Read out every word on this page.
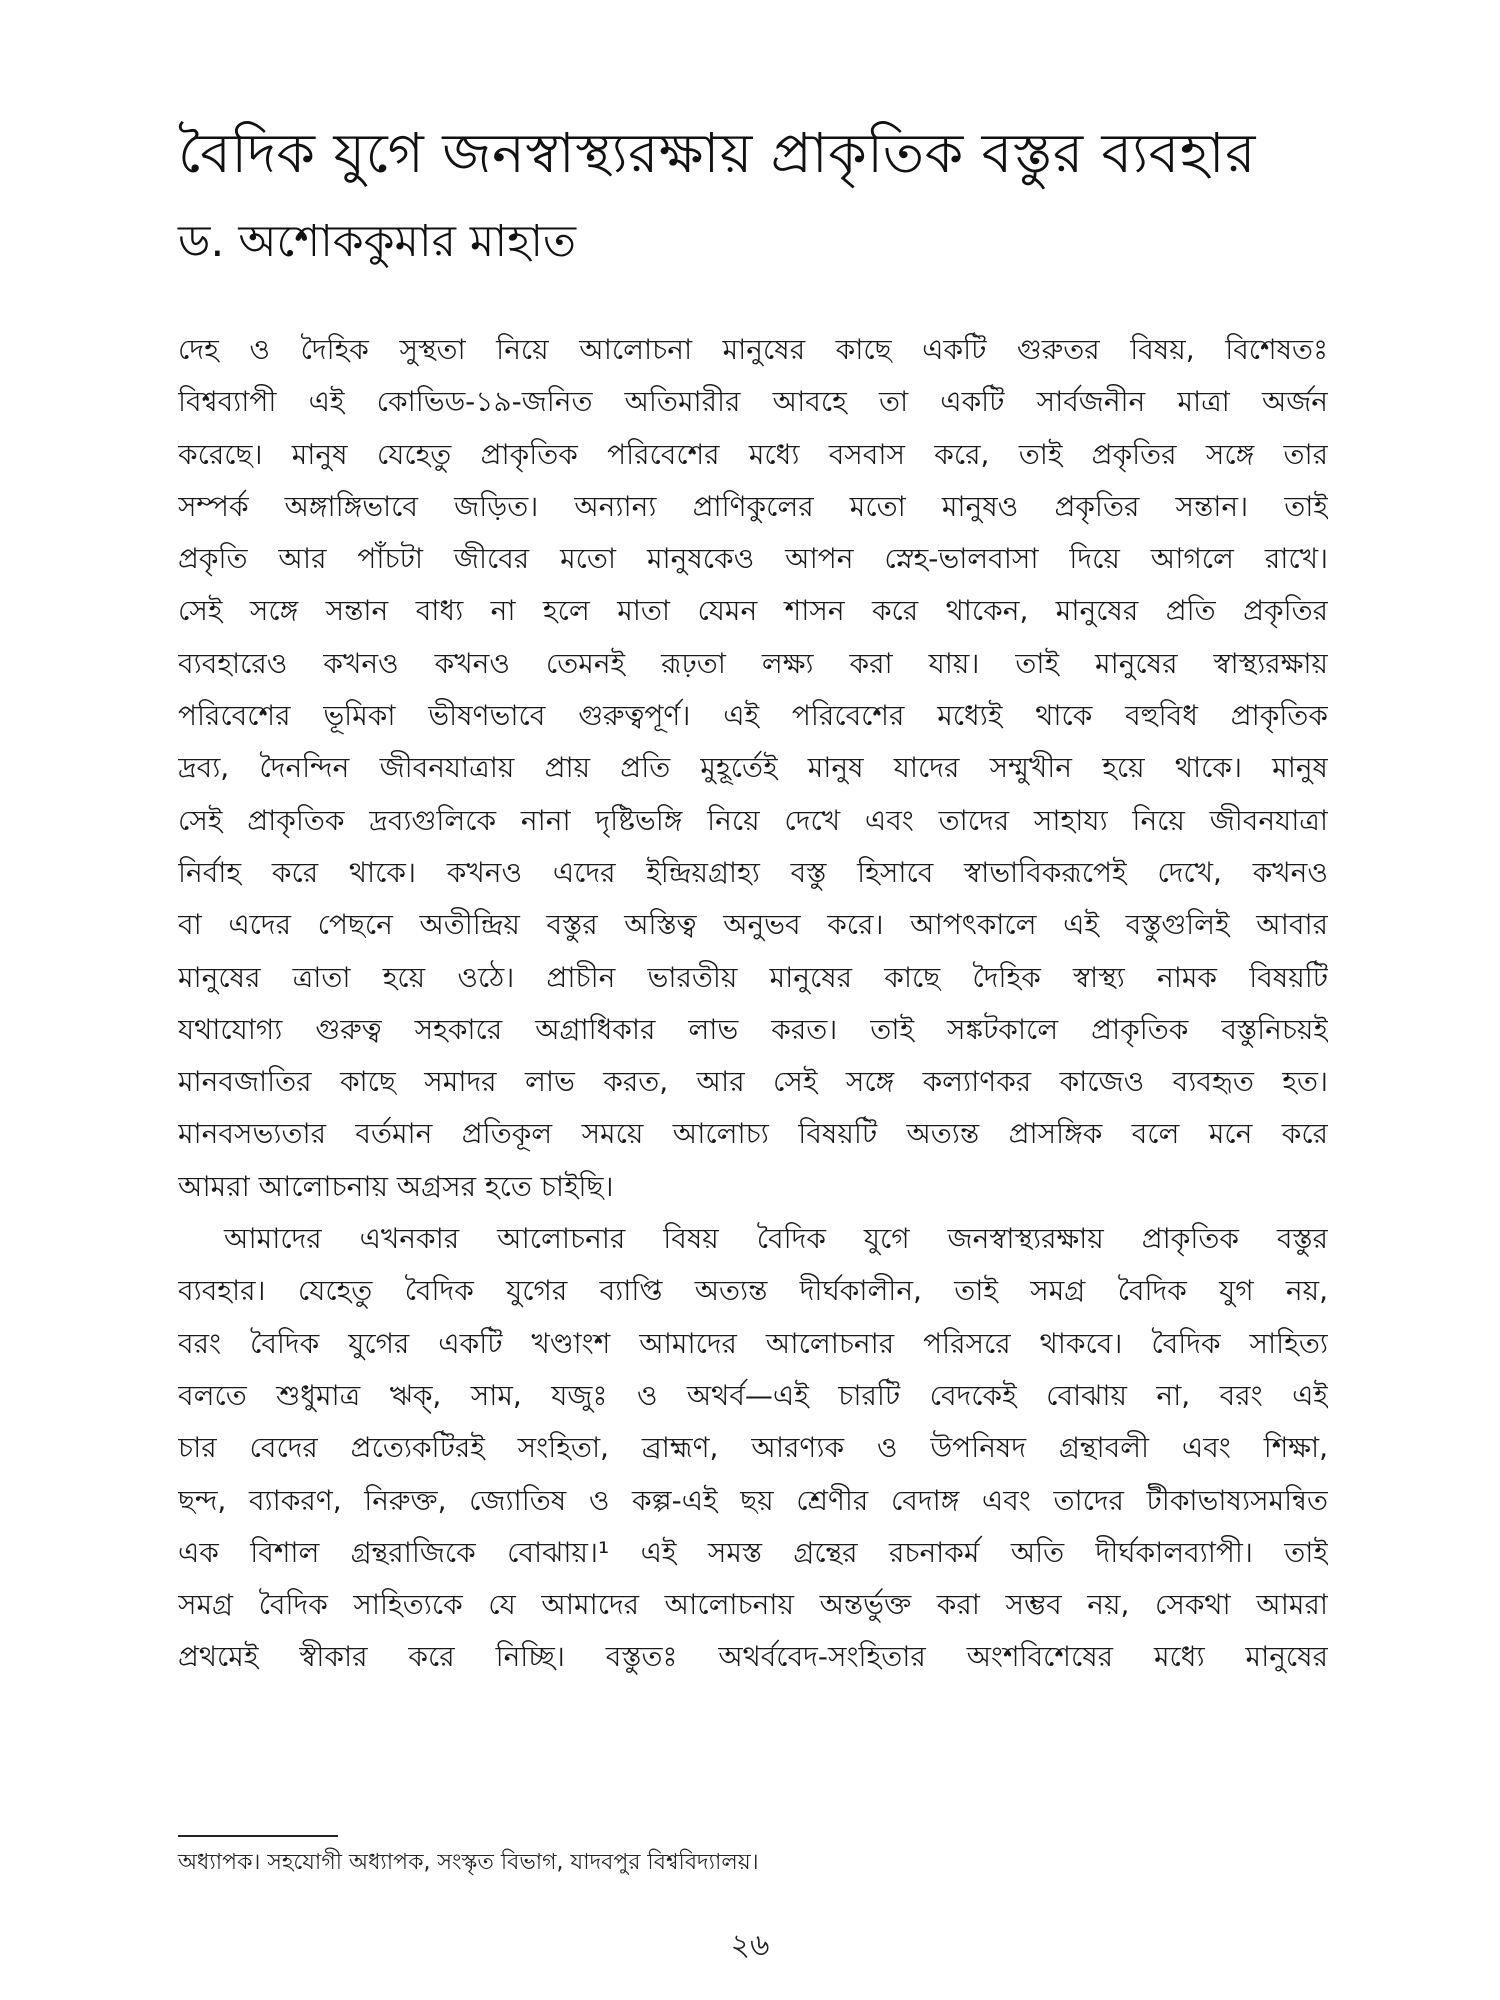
বৈদিক যুগে জনস্বাস্থ্যরক্ষায় প্রাকৃতিক বস্তুর ব্যবহার
ড. অশোককুমার মাহাত
দেহ ও দৈহিক সুস্থতা নিয়ে আলোচনা মানুষের কাছে একটি গুরুতর বিষয়, বিশেষতঃ
বিশ্বব্যাপী এই কোভিড-১৯-জনিত অতিমারীর আবহে তা একটি সার্বজনীন মাত্রা অর্জন
করেছে। মানুষ যেহেতু প্রাকৃতিক পরিবেশের মধ্যে বসবাস করে, তাই প্রকৃতির সঙ্গে তার
সম্পর্ক অঙ্গাঙ্গিভাবে জড়িত। অন্যান্য প্রাণিকুলের মতো মানুষও প্রকৃতির সন্তান। তাই
প্রকৃতি আর পাঁচটা জীবের মতো মানুষকেও আপন স্নেহ-ভালবাসা দিয়ে আগলে রাখে।
সেই সঙ্গে সন্তান বাধ্য না হলে মাতা যেমন শাসন করে থাকেন, মানুষের প্রতি প্রকৃতির
ব্যবহারেও কখনও কখনও তেমনই রূঢ়তা লক্ষ্য করা যায়। তাই মানুষের স্বাস্থ্যরক্ষায়
পরিবেশের ভূমিকা ভীষণভাবে গুরুত্বপূর্ণ। এই পরিবেশের মধ্যেই থাকে বহুবিধ প্রাকৃতিক
দ্রব্য, দৈনন্দিন জীবনযাত্রায় প্রায় প্রতি মুহূর্তেই মানুষ যাদের সম্মুখীন হয়ে থাকে। মানুষ
সেই প্রাকৃতিক দ্রব্যগুলিকে নানা দৃষ্টিভঙ্গি নিয়ে দেখে এবং তাদের সাহায্য নিয়ে জীবনযাত্রা
নির্বাহ করে থাকে। কখনও এদের ইন্দ্রিয়গ্রাহ্য বস্তু হিসাবে স্বাভাবিকরূপেই দেখে, কখনও
বা এদের পেছনে অতীন্দ্রিয় বস্তুর অস্তিত্ব অনুভব করে। আপৎকালে এই বস্তুগুলিই আবার
মানুষের ত্রাতা হয়ে ওঠে। প্রাচীন ভারতীয় মানুষের কাছে দৈহিক স্বাস্থ্য নামক বিষয়টি
যথাযোগ্য গুরুত্ব সহকারে অগ্রাধিকার লাভ করত। তাই সঙ্কটকালে প্রাকৃতিক বস্তুনিচয়ই
মানবজাতির কাছে সমাদর লাভ করত, আর সেই সঙ্গে কল্যাণকর কাজেও ব্যবহৃত হত।
মানবসভ্যতার বর্তমান প্রতিকূল সময়ে আলোচ্য বিষয়টি অত্যন্ত প্রাসঙ্গিক বলে মনে করে
আমরা আলোচনায় অগ্রসর হতে চাইছি।
আমাদের এখনকার আলোচনার বিষয় বৈদিক যুগে জনস্বাস্থ্যরক্ষায় প্রাকৃতিক বস্তুর
ব্যবহার। যেহেতু বৈদিক যুগের ব্যাপ্তি অত্যন্ত দীর্ঘকালীন, তাই সমগ্র বৈদিক যুগ নয়,
বরং বৈদিক যুগের একটি খণ্ডাংশ আমাদের আলোচনার পরিসরে থাকবে। বৈদিক সাহিত্য
বলতে শুধুমাত্র ঋক্, সাম, যজুঃ ও অথর্ব—এই চারটি বেদকেই বোঝায় না, বরং এই
চার বেদের প্রত্যেকটিরই সংহিতা, ব্রাহ্মণ, আরণ্যক ও উপনিষদ গ্রন্থাবলী এবং শিক্ষা,
ছন্দ, ব্যাকরণ, নিরুক্ত, জ্যোতিষ ও কল্প-এই ছয় শ্রেণীর বেদাঙ্গ এবং তাদের টীকাভাষ্যসমন্বিত
এক বিশাল গ্রন্থরাজিকে বোঝায়।¹ এই সমস্ত গ্রন্থের রচনাকর্ম অতি দীর্ঘকালব্যাপী। তাই
সমগ্র বৈদিক সাহিত্যকে যে আমাদের আলোচনায় অন্তর্ভুক্ত করা সম্ভব নয়, সেকথা আমরা
প্রথমেই স্বীকার করে নিচ্ছি। বস্তুতঃ অথর্ববেদ-সংহিতার অংশবিশেষের মধ্যে মানুষের
অধ্যাপক। সহযোগী অধ্যাপক, সংস্কৃত বিভাগ, যাদবপুর বিশ্ববিদ্যালয়।
২৬
